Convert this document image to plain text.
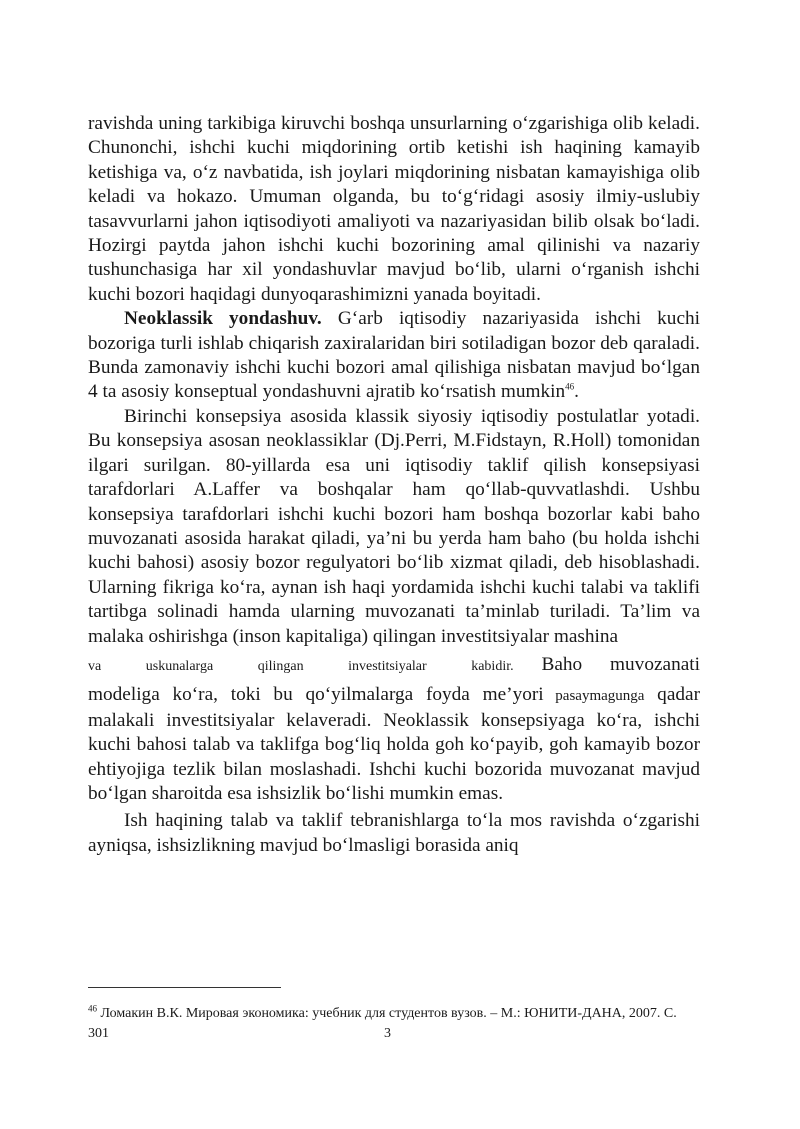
ravishda uning tarkibiga kiruvchi boshqa unsurlarning o‘zgarishiga olib keladi. Chunonchi, ishchi kuchi miqdorining ortib ketishi ish haqining kamayib ketishiga va, o‘z navbatida, ish joylari miqdorining nisbatan kamayishiga olib keladi va hokazo. Umuman olganda, bu to‘g‘ridagi asosiy ilmiy-uslubiy tasavvurlarni jahon iqtisodiyoti amaliyoti va nazariyasidan bilib olsak bo‘ladi. Hozirgi paytda jahon ishchi kuchi bozorining amal qilinishi va nazariy tushunchasiga har xil yondashuvlar mavjud bo‘lib, ularni o‘rganish ishchi kuchi bozori haqidagi dunyoqarashimizni yanada boyitadi.

Neoklassik yondashuv. G‘arb iqtisodiy nazariyasida ishchi kuchi bozoriga turli ishlab chiqarish zaxiralaridan biri sotiladigan bozor deb qaraladi. Bunda zamonaviy ishchi kuchi bozori amal qilishiga nisbatan mavjud bo‘lgan 4 ta asosiy konseptual yondashuvni ajratib ko‘rsatish mumkin$^{46}$.

Birinchi konsepsiya asosida klassik siyosiy iqtisodiy postulatlar yotadi. Bu konsepsiya asosan neoklassiklar (Dj.Perri, M.Fidstayn, R.Holl) tomonidan ilgari surilgan. 80-yillarda esa uni iqtisodiy taklif qilish konsepsiyasi tarafdorlari A.Laffer va boshqalar ham qo‘llab-quvvatlashdi. Ushbu konsepsiya tarafdorlari ishchi kuchi bozori ham boshqa bozorlar kabi baho muvozanati asosida harakat qiladi, ya’ni bu yerda ham baho (bu holda ishchi kuchi bahosi) asosiy bozor regulyatori bo‘lib xizmat qiladi, deb hisoblashadi. Ularning fikriga ko‘ra, aynan ish haqi yordamida ishchi kuchi talabi va taklifi tartibga solinadi hamda ularning muvozanati ta’minlab turiladi. Ta’lim va malaka oshirishga (inson kapitaliga) qilingan investitsiyalar mashina

va uskunalarga qilingan investitsiyalar kabidir. Baho muvozanati

modeliga ko‘ra, toki bu qo‘yilmalarga foyda me’yori pasaymagunga qadar malakali investitsiyalar kelaveradi. Neoklassik konsepsiyaga ko‘ra, ishchi kuchi bahosi talab va taklifga bog‘liq holda goh ko‘payib, goh kamayib bozor ehtiyojiga tezlik bilan moslashadi. Ishchi kuchi bozorida muvozanat mavjud bo‘lgan sharoitda esa ishsizlik bo‘lishi mumkin emas.

Ish haqining talab va taklif tebranishlarga to‘la mos ravishda o‘zgarishi ayniqsa, ishsizlikning mavjud bo‘lmasligi borasida aniq

$^{46}$ Ломакин В.К. Мировая экономика: учебник для студентов вузов. – М.: ЮНИТИ-ДАНА, 2007. С. 301	3
